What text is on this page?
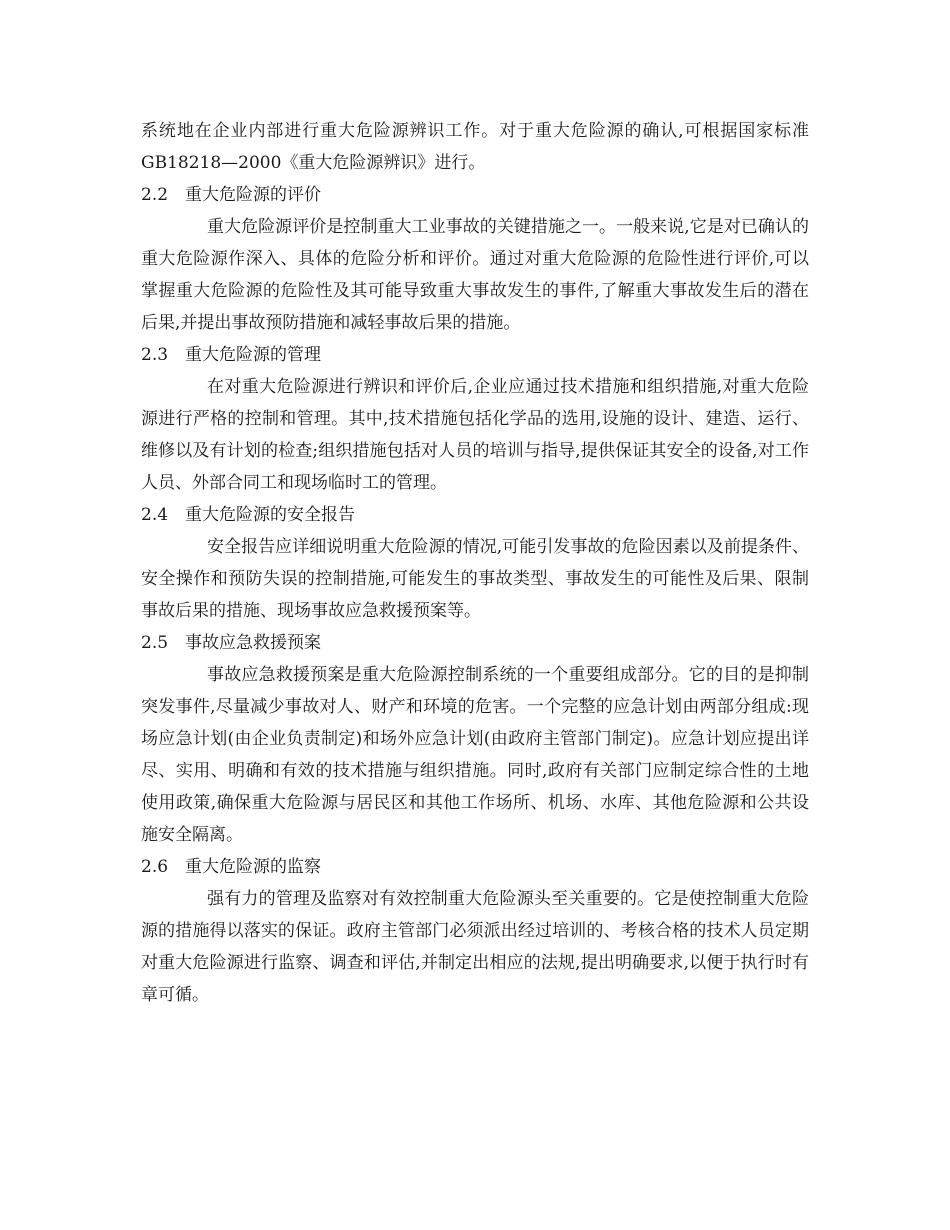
系统地在企业内部进行重大危险源辨识工作。对于重大危险源的确认,可根据国家标准GB18218—2000《重大危险源辨识》进行。

2.2 重大危险源的评价

重大危险源评价是控制重大工业事故的关键措施之一。一般来说,它是对已确认的重大危险源作深入、具体的危险分析和评价。通过对重大危险源的危险性进行评价,可以掌握重大危险源的危险性及其可能导致重大事故发生的事件,了解重大事故发生后的潜在后果,并提出事故预防措施和减轻事故后果的措施。

2.3 重大危险源的管理

在对重大危险源进行辨识和评价后,企业应通过技术措施和组织措施,对重大危险源进行严格的控制和管理。其中,技术措施包括化学品的选用,设施的设计、建造、运行、维修以及有计划的检查;组织措施包括对人员的培训与指导,提供保证其安全的设备,对工作人员、外部合同工和现场临时工的管理。

2.4 重大危险源的安全报告

安全报告应详细说明重大危险源的情况,可能引发事故的危险因素以及前提条件、安全操作和预防失误的控制措施,可能发生的事故类型、事故发生的可能性及后果、限制事故后果的措施、现场事故应急救援预案等。

2.5 事故应急救援预案

事故应急救援预案是重大危险源控制系统的一个重要组成部分。它的目的是抑制突发事件,尽量减少事故对人、财产和环境的危害。一个完整的应急计划由两部分组成:现场应急计划(由企业负责制定)和场外应急计划(由政府主管部门制定)。应急计划应提出详尽、实用、明确和有效的技术措施与组织措施。同时,政府有关部门应制定综合性的土地使用政策,确保重大危险源与居民区和其他工作场所、机场、水库、其他危险源和公共设施安全隔离。

2.6 重大危险源的监察

强有力的管理及监察对有效控制重大危险源头至关重要的。它是使控制重大危险源的措施得以落实的保证。政府主管部门必须派出经过培训的、考核合格的技术人员定期对重大危险源进行监察、调查和评估,并制定出相应的法规,提出明确要求,以便于执行时有章可循。
